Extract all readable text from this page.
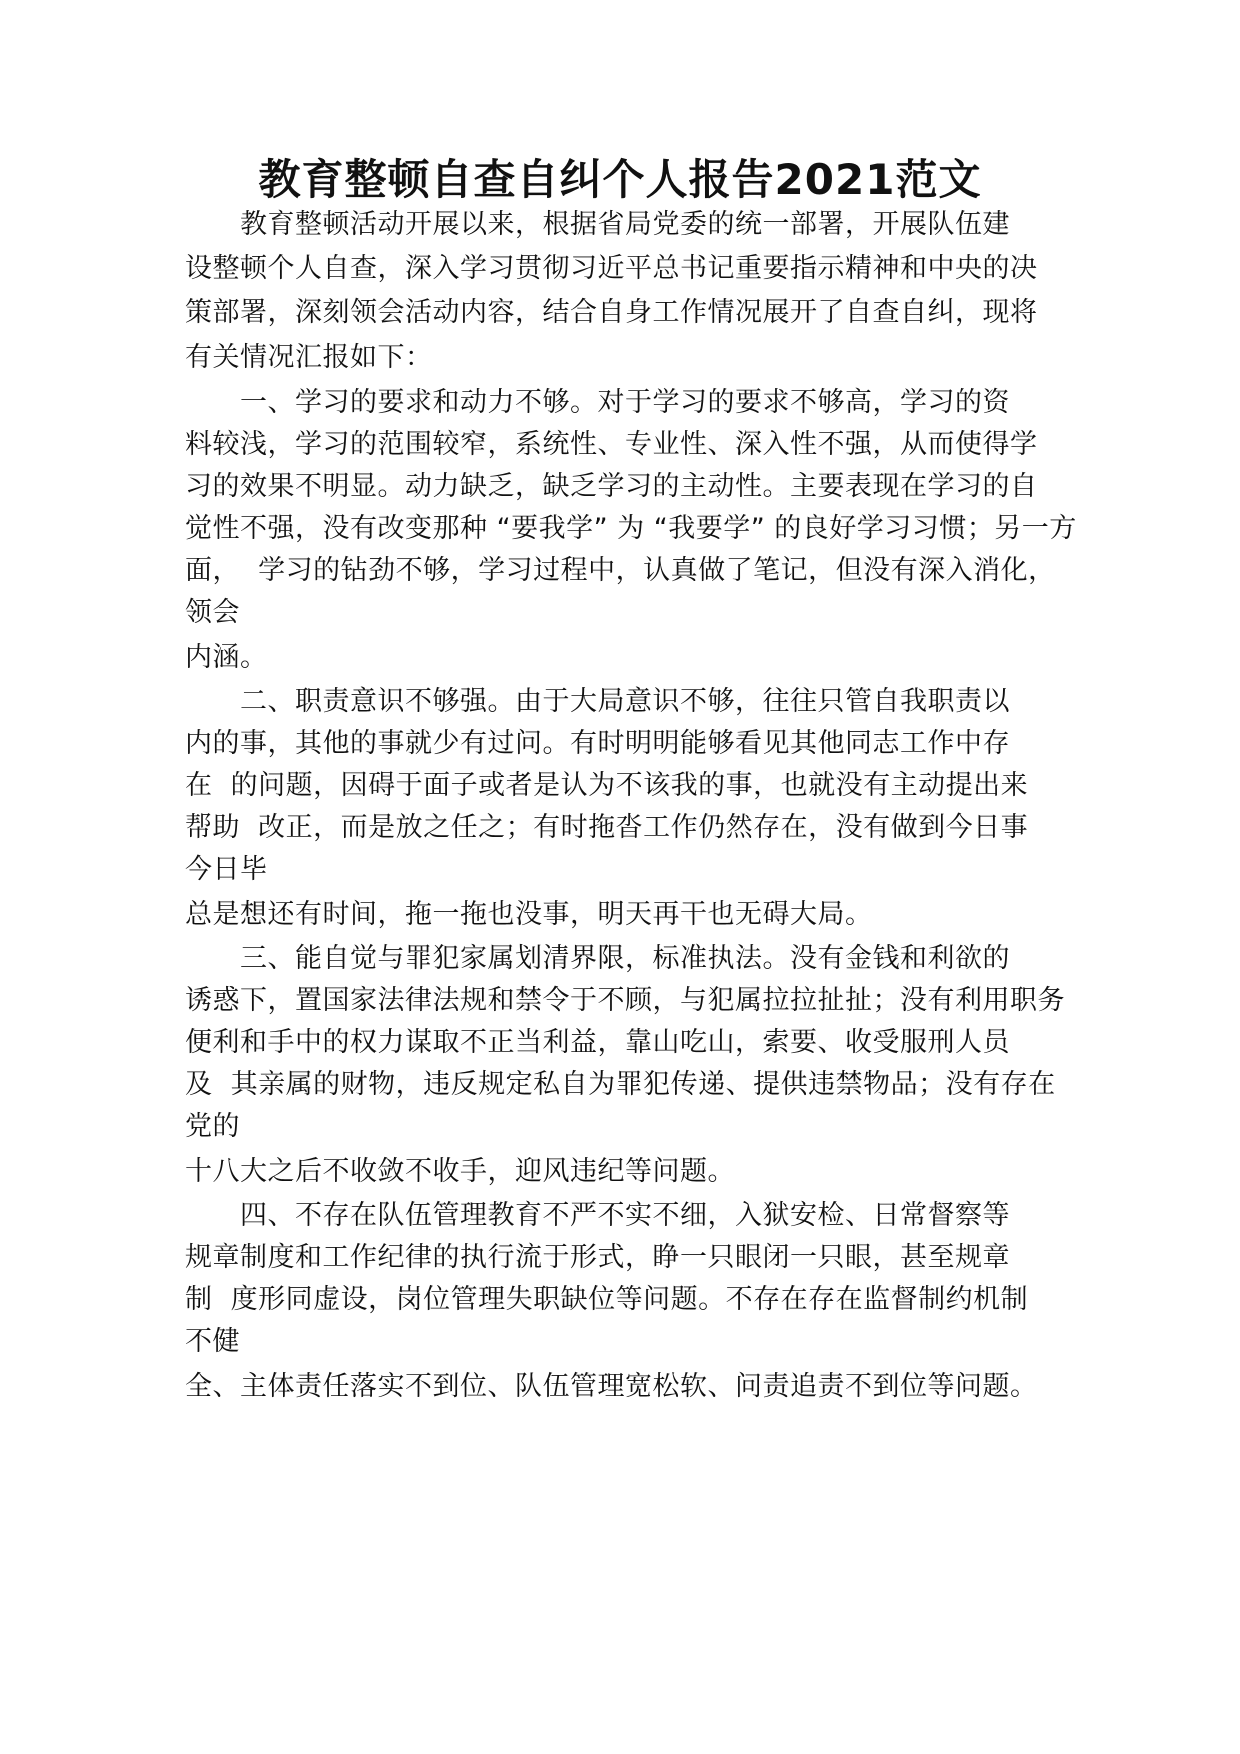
教育整顿自查自纠个人报告2021范文

教育整顿活动开展以来，根据省局党委的统一部署，开展队伍建

设整顿个人自查，深入学习贯彻习近平总书记重要指示精神和中央的决

策部署，深刻领会活动内容，结合自身工作情况展开了自查自纠，现将

有关情况汇报如下：

一、学习的要求和动力不够。对于学习的要求不够高，学习的资

料较浅，学习的范围较窄，系统性、专业性、深入性不强，从而使得学

习的效果不明显。动力缺乏，缺乏学习的主动性。主要表现在学习的自

觉性不强，没有改变那种 “要我学” 为 “我要学” 的良好学习习惯；另一方

面，  学习的钻劲不够，学习过程中，认真做了笔记，但没有深入消化，

领会

内涵。

二、职责意识不够强。由于大局意识不够，往往只管自我职责以

内的事，其他的事就少有过问。有时明明能够看见其他同志工作中存

在  的问题，因碍于面子或者是认为不该我的事，也就没有主动提出来

帮助  改正，而是放之任之；有时拖沓工作仍然存在，没有做到今日事

今日毕

总是想还有时间，拖一拖也没事，明天再干也无碍大局。

三、能自觉与罪犯家属划清界限，标准执法。没有金钱和利欲的

诱惑下，置国家法律法规和禁令于不顾，与犯属拉拉扯扯；没有利用职务

便利和手中的权力谋取不正当利益，靠山吃山，索要、收受服刑人员

及  其亲属的财物，违反规定私自为罪犯传递、提供违禁物品；没有存在

党的

十八大之后不收敛不收手，迎风违纪等问题。

四、不存在队伍管理教育不严不实不细，入狱安检、日常督察等

规章制度和工作纪律的执行流于形式，睁一只眼闭一只眼，甚至规章

制  度形同虚设，岗位管理失职缺位等问题。不存在存在监督制约机制

不健

全、主体责任落实不到位、队伍管理宽松软、问责追责不到位等问题。
